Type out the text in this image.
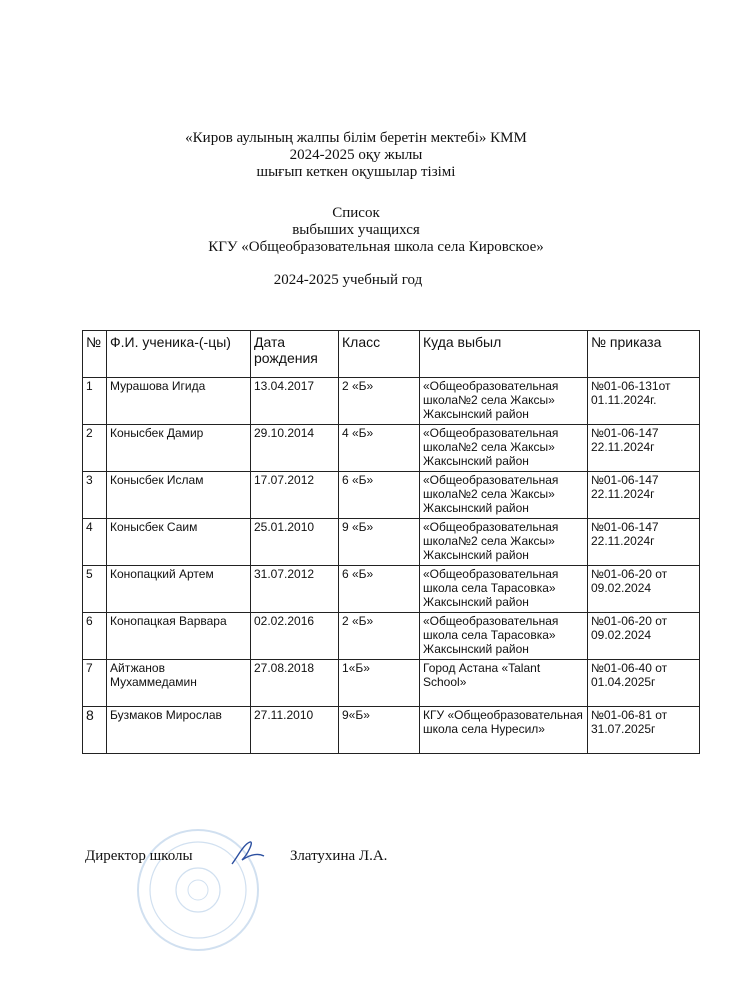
«Киров аулының жалпы білім беретін мектебі» КММ
2024-2025 оқу жылы
шығып кеткен оқушылар тізімі
Список
выбыших учащихся
КГУ «Общеобразовательная школа села Кировское»
2024-2025 учебный год
№	Ф.И. ученика-(-цы)	Дата рождения	Класс	Куда выбыл	№ приказа
1	Мурашова Игида	13.04.2017	2 «Б»	«Общеобразовательная школа№2 села Жаксы» Жаксынский район	№01-06-131от 01.11.2024г.
2	Конысбек Дамир	29.10.2014	4 «Б»	«Общеобразовательная школа№2 села Жаксы» Жаксынский район	№01-06-147 22.11.2024г
3	Конысбек Ислам	17.07.2012	6 «Б»	«Общеобразовательная школа№2 села Жаксы» Жаксынский район	№01-06-147 22.11.2024г
4	Конысбек Саим	25.01.2010	9 «Б»	«Общеобразовательная школа№2 села Жаксы» Жаксынский район	№01-06-147 22.11.2024г
5	Конопацкий Артем	31.07.2012	6 «Б»	«Общеобразовательная школа села Тарасовка» Жаксынский район	№01-06-20 от 09.02.2024
6	Конопацкая Варвара	02.02.2016	2 «Б»	«Общеобразовательная школа села Тарасовка» Жаксынский район	№01-06-20 от 09.02.2024
7	Айтжанов Мухаммедамин	27.08.2018	1«Б»	Город Астана «Talant School»	№01-06-40 от 01.04.2025г
8	Бузмаков Мирослав	27.11.2010	9«Б»	КГУ «Общеобразовательная школа села Нуресил»	№01-06-81 от 31.07.2025г
Директор школы	Златухина Л.А.
